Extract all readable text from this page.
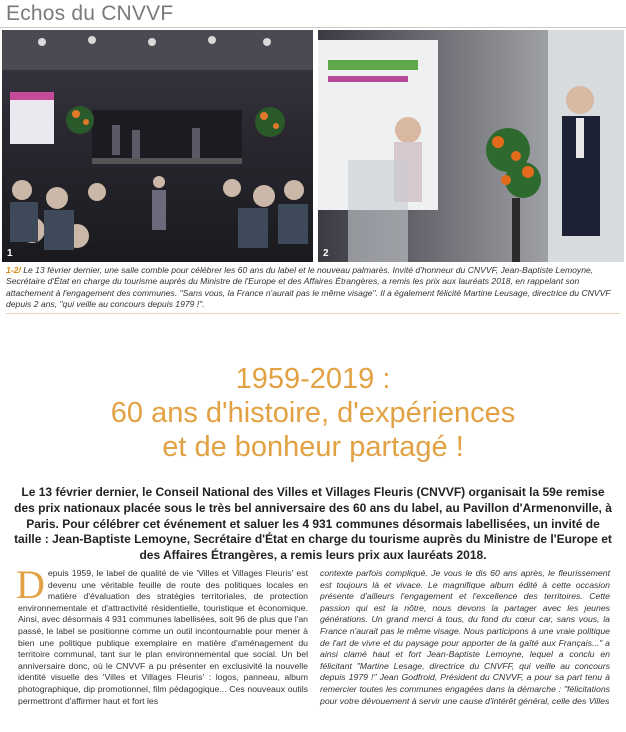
Echos du CNVVF
1	2
1-2/ Le 13 février dernier, une salle comble pour célébrer les 60 ans du label et le nouveau palmarès. Invité d'honneur du CNVVF, Jean-Baptiste Lemoyne, Secrétaire d'État en charge du tourisme auprès du Ministre de l'Europe et des Affaires Étrangères, a remis les prix aux lauréats 2018, en rappelant son attachement à l'engagement des communes. "Sans vous, la France n'aurait pas le même visage". Il a également félicité Martine Leusage, directrice du CNVVF depuis 2 ans, "qui veille au concours depuis 1979 !".
1959-2019 :
60 ans d'histoire, d'expériences
et de bonheur partagé !
Le 13 février dernier, le Conseil National des Villes et Villages Fleuris (CNVVF) organisait la 59e remise des prix nationaux placée sous le très bel anniversaire des 60 ans du label, au Pavillon d'Armenonville, à Paris. Pour célébrer cet événement et saluer les 4 931 communes désormais labellisées, un invité de taille : Jean-Baptiste Lemoyne, Secrétaire d'État en charge du tourisme auprès du Ministre de l'Europe et des Affaires Étrangères, a remis leurs prix aux lauréats 2018.
D epuis 1959, le label de qualité de vie 'Villes et Villages Fleuris' est devenu une véritable feuille de route des politiques locales en matière d'évaluation des stratégies territoriales, de protection environnementale et d'attractivité résidentielle, touristique et économique. Ainsi, avec désormais 4 931 communes labellisées, soit 96 de plus que l'an passé, le label se positionne comme un outil incontournable pour mener à bien une politique publique exemplaire en matière d'aménagement du territoire communal, tant sur le plan environnemental que social. Un bel anniversaire donc, où le CNVVF a pu présenter en exclusivité la nouvelle identité visuelle des 'Villes et Villages Fleuris' : logos, panneau, album photographique, dip promotionnel, film pédagogique... Ces nouveaux outils permettront d'affirmer haut et fort les
contexte parfois compliqué. Je vous le dis 60 ans après, le fleurissement est toujours là et vivace. Le magnifique album édité à cette occasion présente d'ailleurs l'engagement et l'excellence des territoires. Cette passion qui est la nôtre, nous devons la partager avec les jeunes générations. Un grand merci à tous, du fond du cœur car, sans vous, la France n'aurait pas le même visage. Nous participons à une vraie politique de l'art de vivre et du paysage pour apporter de la gaîté aux Français..." a ainsi clamé haut et fort Jean-Baptiste Lemoyne, lequel a conclu en félicitant "Martine Lesage, directrice du CNVFF, qui veille au concours depuis 1979 !" Jean Godfroid, Président du CNVVF, a pour sa part tenu à remercier toutes les communes engagées dans la démarche : "félicitations pour votre dévouement à servir une cause d'intérêt général, celle des Villes
